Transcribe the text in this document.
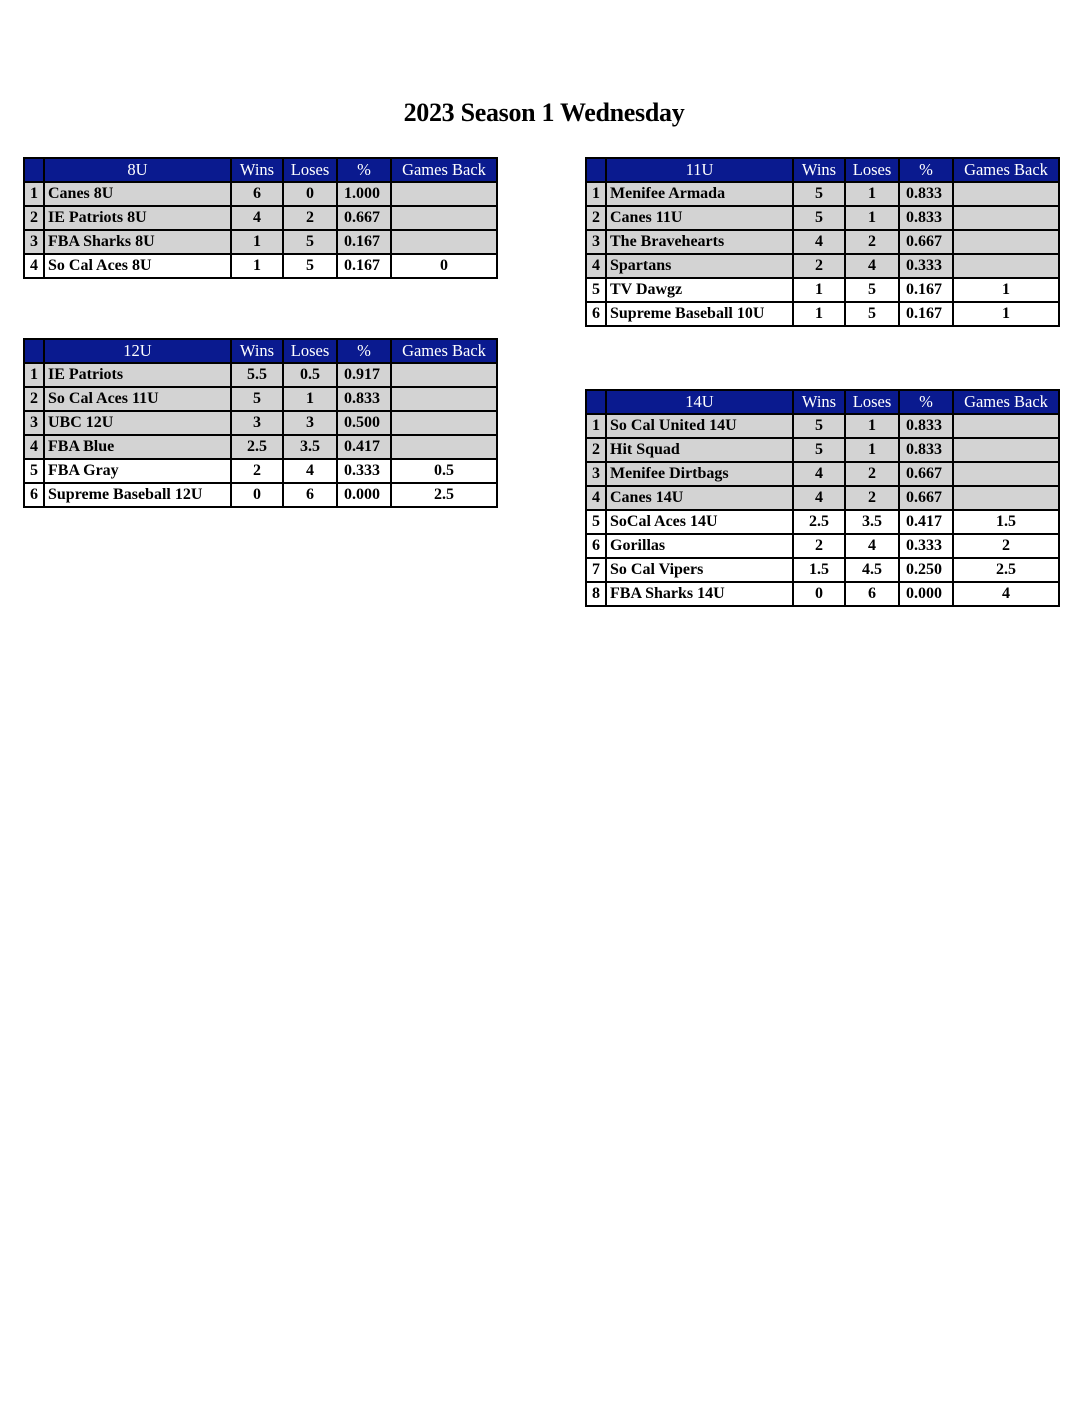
2023 Season 1 Wednesday
	8U	Wins	Loses	%	Games Back
1	Canes 8U	6	0	1.000	
2	IE Patriots 8U	4	2	0.667	
3	FBA Sharks 8U	1	5	0.167	
4	So Cal Aces 8U	1	5	0.167	0
	12U	Wins	Loses	%	Games Back
1	IE Patriots	5.5	0.5	0.917	
2	So Cal Aces 11U	5	1	0.833	
3	UBC 12U	3	3	0.500	
4	FBA Blue	2.5	3.5	0.417	
5	FBA Gray	2	4	0.333	0.5
6	Supreme Baseball 12U	0	6	0.000	2.5
	11U	Wins	Loses	%	Games Back
1	Menifee Armada	5	1	0.833	
2	Canes 11U	5	1	0.833	
3	The Bravehearts	4	2	0.667	
4	Spartans	2	4	0.333	
5	TV Dawgz	1	5	0.167	1
6	Supreme Baseball 10U	1	5	0.167	1
	14U	Wins	Loses	%	Games Back
1	So Cal United 14U	5	1	0.833	
2	Hit Squad	5	1	0.833	
3	Menifee Dirtbags	4	2	0.667	
4	Canes 14U	4	2	0.667	
5	SoCal Aces 14U	2.5	3.5	0.417	1.5
6	Gorillas	2	4	0.333	2
7	So Cal Vipers	1.5	4.5	0.250	2.5
8	FBA Sharks 14U	0	6	0.000	4
